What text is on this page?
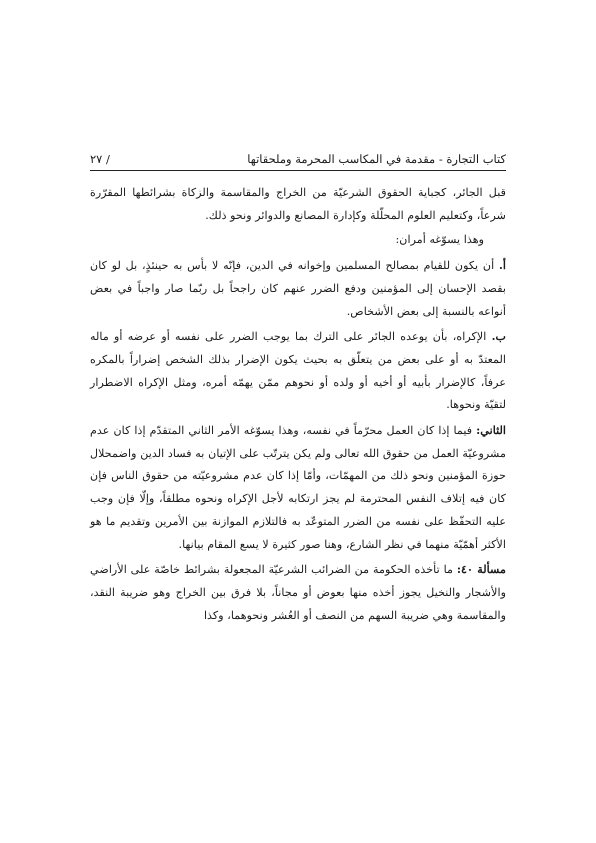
كتاب التجارة - مقدمة في المكاسب المحرمة وملحقاتها
/ ٢٧

قبل الجائر، كجباية الحقوق الشرعيّة من الخراج والمقاسمة والزكاة بشرائطها المقرّرة شرعاً، وكتعليم العلوم المحلّلة وكإدارة المصانع والدوائر ونحو ذلك.

وهذا يسوّغه أمران:

أ. أن يكون للقيام بمصالح المسلمين وإخوانه في الدين، فإنّه لا بأس به حينئذٍ، بل لو كان بقصد الإحسان إلى المؤمنين ودفع الضرر عنهم كان راجحاً بل ربّما صار واجباً في بعض أنواعه بالنسبة إلى بعض الأشخاص.

ب. الإكراه، بأن يوعده الجائر على الترك بما يوجب الضرر على نفسه أو عرضه أو ماله المعتدّ به أو على بعض من يتعلّق به بحيث يكون الإضرار بذلك الشخص إضراراً بالمكره عرفاً، كالإضرار بأبيه أو أخيه أو ولده أو نحوهم ممّن يهمّه أمره، ومثل الإكراه الاضطرار لتقيّة ونحوها.

الثاني: فيما إذا كان العمل محرّماً في نفسه، وهذا يسوّغه الأمر الثاني المتقدّم إذا كان عدم مشروعيّة العمل من حقوق الله تعالى ولم يكن يترتّب على الإتيان به فساد الدين واضمحلال حوزة المؤمنين ونحو ذلك من المهمّات، وأمّا إذا كان عدم مشروعيّته من حقوق الناس فإن كان فيه إتلاف النفس المحترمة لم يجز ارتكابه لأجل الإكراه ونحوه مطلقاً، وإلّا فإن وجب عليه التحفّظ على نفسه من الضرر المتوعّد به فالتلازم الموازنة بين الأمرين وتقديم ما هو الأكثر أهمّيّة منهما في نظر الشارع، وهنا صور كثيرة لا يسع المقام بيانها.

مسألة ٤٠: ما تأخذه الحكومة من الضرائب الشرعيّة المجعولة بشرائط خاصّة على الأراضي والأشجار والنخيل يجوز أخذه منها بعوض أو مجاناً، بلا فرق بين الخراج وهو ضريبة النقد، والمقاسمة وهي ضريبة السهم من النصف أو العُشر ونحوهما، وكذا
